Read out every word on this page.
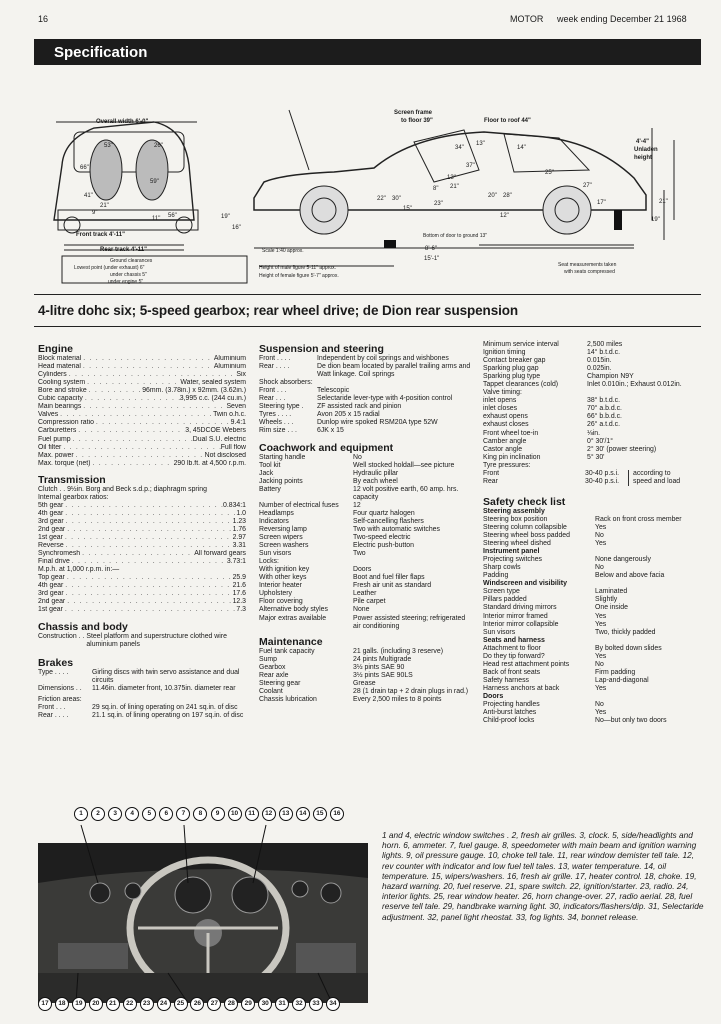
16	MOTOR week ending December 21 1968
Specification
Overall width 6'-0"
53"	26"
66"
59"
21"
41"
9"
11" 56"	19"
16"
Front track 4'-11"
Rear track 4'-11"
Ground clearances
Lowest point (under exhaust) 6"
under chassis 5"
under engine 5"
Screen frame
to floor 39"	Floor to roof 44"
34"
13"
14"
37"
25"
13"
21"
22" 30"
8"
15"
23"
20" 28"
12"
27"
17"
4'-4"
Unladen
height
21"
19"
Bottom of door to ground 13"
Scale 1:40 approx.	8'-6"
15'-1"
Height of male figure 5-11" approx.
Height of female figure 5'-7" approx.
Seat measurements taken
with seats compressed
4-litre dohc six; 5-speed gearbox; rear wheel drive; de Dion rear suspension
Engine
Block material . . .	Aluminium
Head material . . .	Aluminium
Cylinders . . .	Six
Cooling system . . .	Water, sealed system
Bore and stroke . . .	96mm. (3.78in.) x 92mm. (3.62in.)
Cubic capacity . . .	3,995 c.c. (244 cu.in.)
Main bearings . . .	Seven
Valves . . .	Twin o.h.c.
Compression ratio . . .	9.4:1
Carburetters . . .	3, 45DCOE Webers
Fuel pump . . .	Dual S.U. electric
Oil filter . . .	Full flow
Max. power . . .	Not disclosed
Max. torque (net) . . .	290 lb.ft. at 4,500 r.p.m.
Transmission
Clutch . . 9½in. Borg and Beck s.d.p.; diaphragm spring
Internal gearbox ratios:
5th gear . . .	0.834:1
4th gear . . .	1.0
3rd gear . . .	1.23
2nd gear . . .	1.76
1st gear . . .	2.97
Reverse . . .	3.31
Synchromesh . . .	All forward gears
Final drive . . .	3.73:1
M.p.h. at 1,000 r.p.m. in:—
Top gear . . .	25.9
4th gear . . .	21.6
3rd gear . . .	17.6
2nd gear . . .	12.3
1st gear . . .	7.3
Chassis and body
Construction . . Steel platform and superstructure clothed wire aluminium panels
Brakes
Type . . . .	Girling discs with twin servo assistance and dual circuits
Dimensions . .	11.46in. diameter front, 10.375in. diameter rear
Friction areas:
Front . . .	29 sq.in. of lining operating on 241 sq.in. of disc
Rear . . . .	21.1 sq.in. of lining operating on 197 sq.in. of disc
Suspension and steering
Front . . . .	Independent by coil springs and wishbones
Rear . . . .	De dion beam located by parallel trailing arms and Watt linkage. Coil springs
Shock absorbers:
Front . . .	Telescopic
Rear . . .	Selectaride lever-type with 4-position control
Steering type .	ZF assisted rack and pinion
Tyres . . . .	Avon 205 x 15 radial
Wheels . . .	Dunlop wire spoked RSM20A type 52W
Rim size . . .	6JK x 15
Coachwork and equipment
Starting handle	No
Tool kit	Well stocked holdall—see picture
Jack	Hydraulic pillar
Jacking points	By each wheel
Battery	12 volt positive earth, 60 amp. hrs. capacity
Number of electrical fuses	12
Headlamps	Four quartz halogen
Indicators	Self-cancelling flashers
Reversing lamp	Two with automatic switches
Screen wipers	Two-speed electric
Screen washers	Electric push-button
Sun visors	Two
Locks:
With ignition key	Doors
With other keys	Boot and fuel filler flaps
Interior heater	Fresh air unit as standard
Upholstery	Leather
Floor covering	Pile carpet
Alternative body styles	None
Major extras available	Power assisted steering; refrigerated air conditioning
Maintenance
Fuel tank capacity	21 galls. (including 3 reserve)
Sump	24 pints Multigrade
Gearbox	3½ pints SAE 90
Rear axle	3½ pints SAE 90LS
Steering gear	Grease
Coolant	28 (1 drain tap + 2 drain plugs in rad.)
Chassis lubrication	Every 2,500 miles to 8 points
Minimum service interval	2,500 miles
Ignition timing	14° b.t.d.c.
Contact breaker gap	0.015in.
Sparking plug gap	0.025in.
Sparking plug type	Champion N9Y
Tappet clearances (cold)	Inlet 0.010in.; Exhaust 0.012in.
Valve timing:
inlet opens	38° b.t.d.c.
inlet closes	70° a.b.d.c.
exhaust opens	66° b.b.d.c.
exhaust closes	26° a.t.d.c.
Front wheel toe-in	⅛in.
Camber angle	0° 30'/1°
Castor angle	2° 30' (power steering)
King pin inclination	5° 30'
Tyre pressures:
Front	30-40 p.s.i.
Rear	30-40 p.s.i.
according to speed and load
Safety check list
Steering assembly
Steering box position	Rack on front cross member
Steering column collapsible	Yes
Steering wheel boss padded	No
Steering wheel dished	Yes
Instrument panel
Projecting switches	None dangerously
Sharp cowls	No
Padding	Below and above facia
Windscreen and visibility
Screen type	Laminated
Pillars padded	Slightly
Standard driving mirrors	One inside
Interior mirror framed	Yes
Interior mirror collapsible	Yes
Sun visors	Two, thickly padded
Seats and harness
Attachment to floor	By bolted down slides
Do they tip forward?	Yes
Head rest attachment points	No
Back of front seats	Firm padding
Safety harness	Lap-and-diagonal
Harness anchors at back	Yes
Doors
Projecting handles	No
Anti-burst latches	Yes
Child-proof locks	No—but only two doors
1	2	3	4	5	6	7	8	9	10	11	12	13	14	15	16
17	18	19	20	21	22	23	24	25	26	27	28	29	30	31	32	33	34
1 and 4, electric window switches . 2, fresh air grilles. 3, clock. 5, side/headlights and horn. 6, ammeter. 7, fuel gauge. 8, speedometer with main beam and ignition warning lights. 9, oil pressure gauge. 10, choke tell tale. 11, rear window demister tell tale. 12, rev counter with indicator and low fuel tell tales. 13, water temperature. 14, oil temperature. 15, wipers/washers. 16, fresh air grille. 17, heater control. 18, choke. 19, hazard warning. 20, fuel reserve. 21, spare switch. 22, ignition/starter. 23, radio. 24, interior lights. 25, rear window heater. 26, horn change-over. 27, radio aerial. 28, fuel reserve tell tale. 29, handbrake warning light. 30, indicators/flashers/dip. 31, Selectaride adjustment. 32, panel light rheostat. 33, fog lights. 34, bonnet release.
